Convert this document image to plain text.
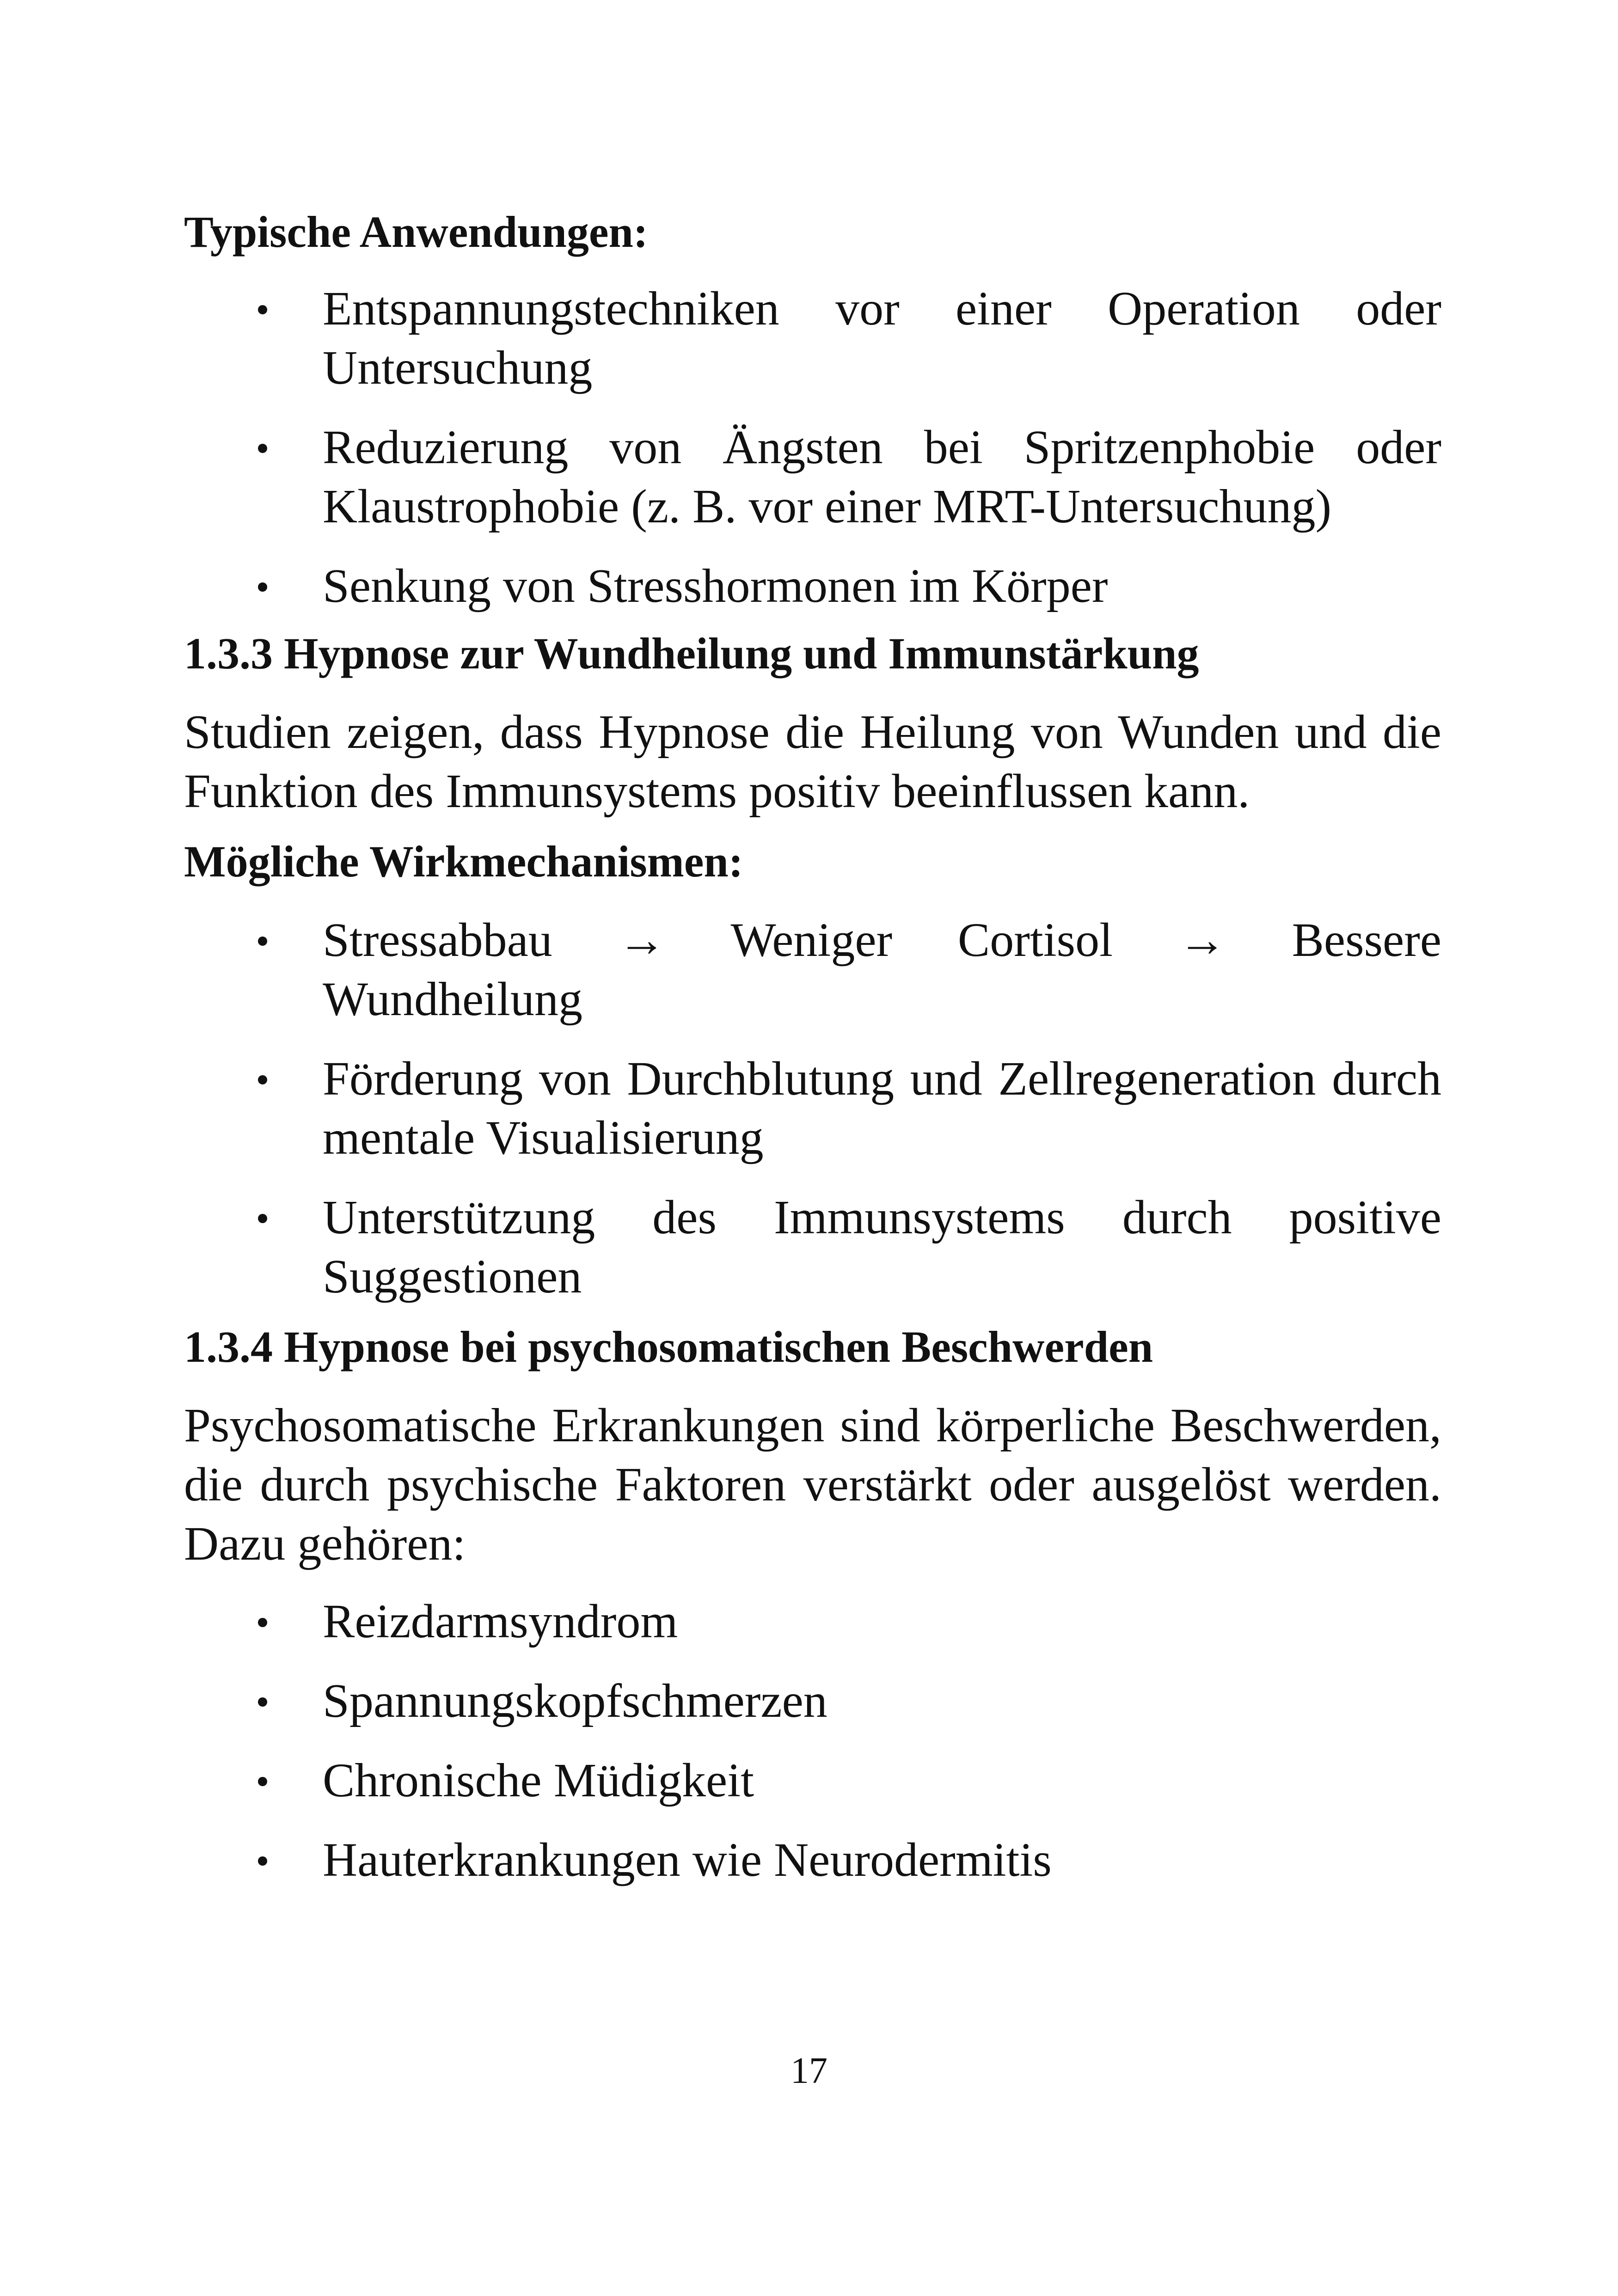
Typische Anwendungen:
Entspannungstechniken vor einer Operation oder Untersuchung
Reduzierung von Ängsten bei Spritzenphobie oder Klaustrophobie (z. B. vor einer MRT-Untersuchung)
Senkung von Stresshormonen im Körper
1.3.3 Hypnose zur Wundheilung und Immunstärkung

Studien zeigen, dass Hypnose die Heilung von Wunden und die Funktion des Immunsystems positiv beeinflussen kann.

Mögliche Wirkmechanismen:
Stressabbau → Weniger Cortisol → Bessere Wundheilung
Förderung von Durchblutung und Zellregeneration durch mentale Visualisierung
Unterstützung des Immunsystems durch positive Suggestionen
1.3.4 Hypnose bei psychosomatischen Beschwerden

Psychosomatische Erkrankungen sind körperliche Beschwerden, die durch psychische Faktoren verstärkt oder ausgelöst werden. Dazu gehören:

Reizdarmsyndrom
Spannungskopfschmerzen
Chronische Müdigkeit
Hauterkrankungen wie Neurodermitis
17
